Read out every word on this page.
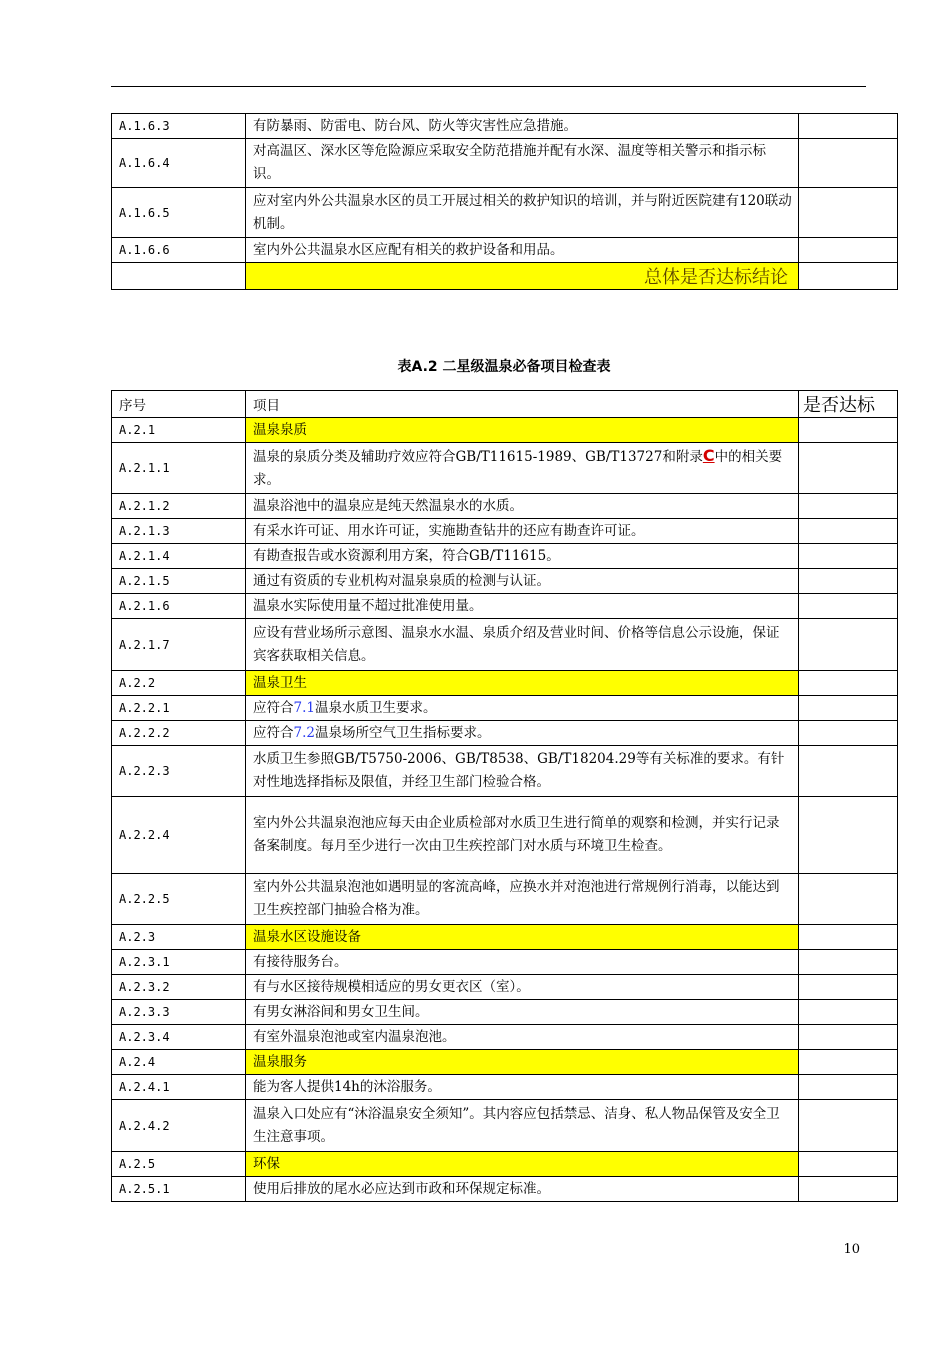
A.1.6.3	有防暴雨、防雷电、防台风、防火等灾害性应急措施。	
A.1.6.4	对高温区、深水区等危险源应采取安全防范措施并配有水深、温度等相关警示和指示标识。	
A.1.6.5	应对室内外公共温泉水区的员工开展过相关的救护知识的培训，并与附近医院建有120联动机制。	
A.1.6.6	室内外公共温泉水区应配有相关的救护设备和用品。	
	总体是否达标结论	
表A.2 二星级温泉必备项目检查表
序号	项目	是否达标
A.2.1	温泉泉质	
A.2.1.1	温泉的泉质分类及辅助疗效应符合GB/T11615-1989、GB/T13727和附录C中的相关要求。	
A.2.1.2	温泉浴池中的温泉应是纯天然温泉水的水质。	
A.2.1.3	有采水许可证、用水许可证，实施勘查钻井的还应有勘查许可证。	
A.2.1.4	有勘查报告或水资源利用方案，符合GB/T11615。	
A.2.1.5	通过有资质的专业机构对温泉泉质的检测与认证。	
A.2.1.6	温泉水实际使用量不超过批准使用量。	
A.2.1.7	应设有营业场所示意图、温泉水水温、泉质介绍及营业时间、价格等信息公示设施，保证宾客获取相关信息。	
A.2.2	温泉卫生	
A.2.2.1	应符合7.1温泉水质卫生要求。	
A.2.2.2	应符合7.2温泉场所空气卫生指标要求。	
A.2.2.3	水质卫生参照GB/T5750-2006、GB/T8538、GB/T18204.29等有关标准的要求。有针对性地选择指标及限值，并经卫生部门检验合格。	
A.2.2.4	室内外公共温泉泡池应每天由企业质检部对水质卫生进行简单的观察和检测，并实行记录备案制度。每月至少进行一次由卫生疾控部门对水质与环境卫生检查。	
A.2.2.5	室内外公共温泉泡池如遇明显的客流高峰，应换水并对泡池进行常规例行消毒，以能达到卫生疾控部门抽验合格为准。	
A.2.3	温泉水区设施设备	
A.2.3.1	有接待服务台。	
A.2.3.2	有与水区接待规模相适应的男女更衣区（室）。	
A.2.3.3	有男女淋浴间和男女卫生间。	
A.2.3.4	有室外温泉泡池或室内温泉泡池。	
A.2.4	温泉服务	
A.2.4.1	能为客人提供14h的沐浴服务。	
A.2.4.2	温泉入口处应有“沐浴温泉安全须知”。其内容应包括禁忌、洁身、私人物品保管及安全卫生注意事项。	
A.2.5	环保	
A.2.5.1	使用后排放的尾水必应达到市政和环保规定标准。	
10
